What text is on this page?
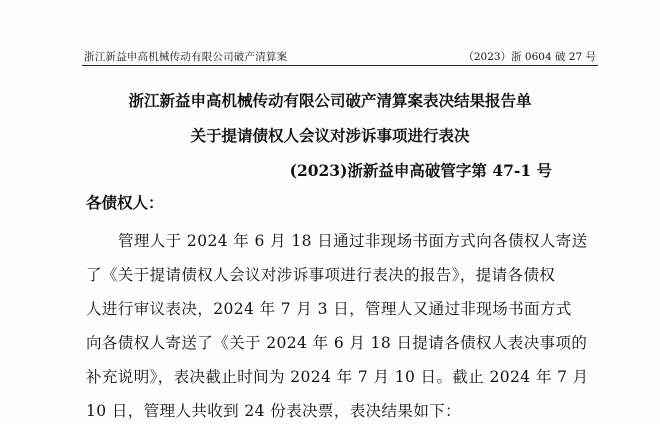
浙江新益申高机械传动有限公司破产清算案	（2023）浙 0604 破 27 号
浙江新益申高机械传动有限公司破产清算案表决结果报告单
关于提请债权人会议对涉诉事项进行表决
(2023)浙新益申高破管字第 47-1 号
各债权人：
管理人于 2024 年 6 月 18 日通过非现场书面方式向各债权人寄送
了《关于提请债权人会议对涉诉事项进行表决的报告》，提请各债权
人进行审议表决，2024 年 7 月 3 日，管理人又通过非现场书面方式
向各债权人寄送了《关于 2024 年 6 月 18 日提请各债权人表决事项的
补充说明》，表决截止时间为 2024 年 7 月 10 日。截止 2024 年 7 月
10 日，管理人共收到 24 份表决票，表决结果如下：
